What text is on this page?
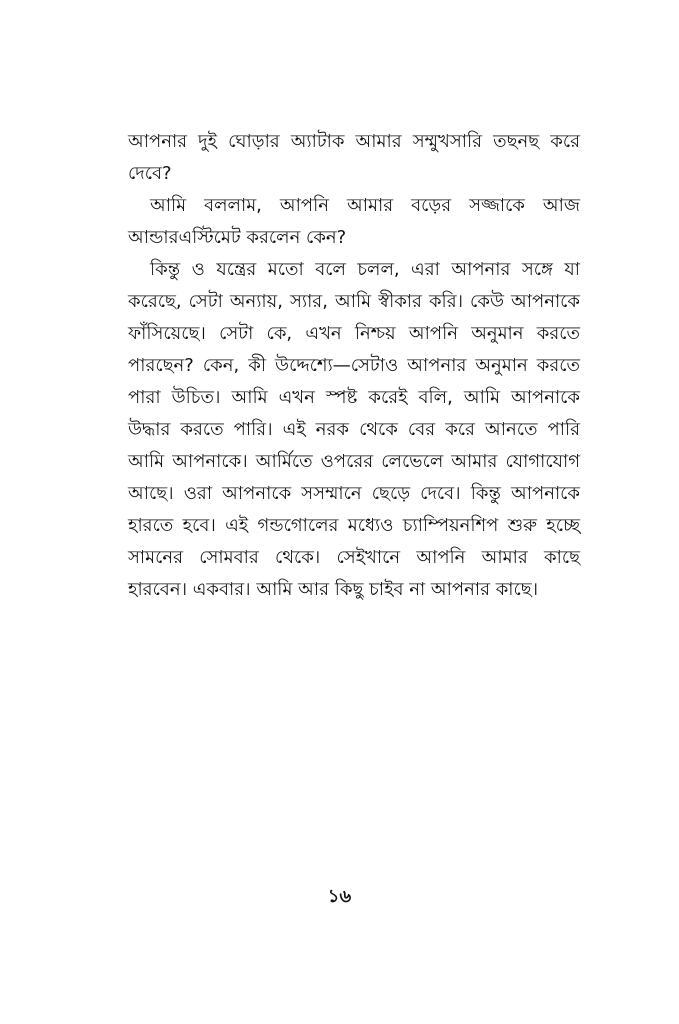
আপনার দুই ঘোড়ার অ্যাটাক আমার সম্মুখসারি তছনছ করে দেবে?

আমি বললাম, আপনি আমার বড়ের সজ্জাকে আজ আন্ডারএস্টিমেট করলেন কেন?

কিন্তু ও যন্ত্রের মতো বলে চলল, এরা আপনার সঙ্গে যা করেছে, সেটা অন্যায়, স্যার, আমি স্বীকার করি। কেউ আপনাকে ফাঁসিয়েছে। সেটা কে, এখন নিশ্চয় আপনি অনুমান করতে পারছেন? কেন, কী উদ্দেশ্যে—সেটাও আপনার অনুমান করতে পারা উচিত। আমি এখন স্পষ্ট করেই বলি, আমি আপনাকে উদ্ধার করতে পারি। এই নরক থেকে বের করে আনতে পারি আমি আপনাকে। আর্মিতে ওপরের লেভেলে আমার যোগাযোগ আছে। ওরা আপনাকে সসম্মানে ছেড়ে দেবে। কিন্তু আপনাকে হারতে হবে। এই গন্ডগোলের মধ্যেও চ্যাম্পিয়নশিপ শুরু হচ্ছে সামনের সোমবার থেকে। সেইখানে আপনি আমার কাছে হারবেন। একবার। আমি আর কিছু চাইব না আপনার কাছে।

১৬
